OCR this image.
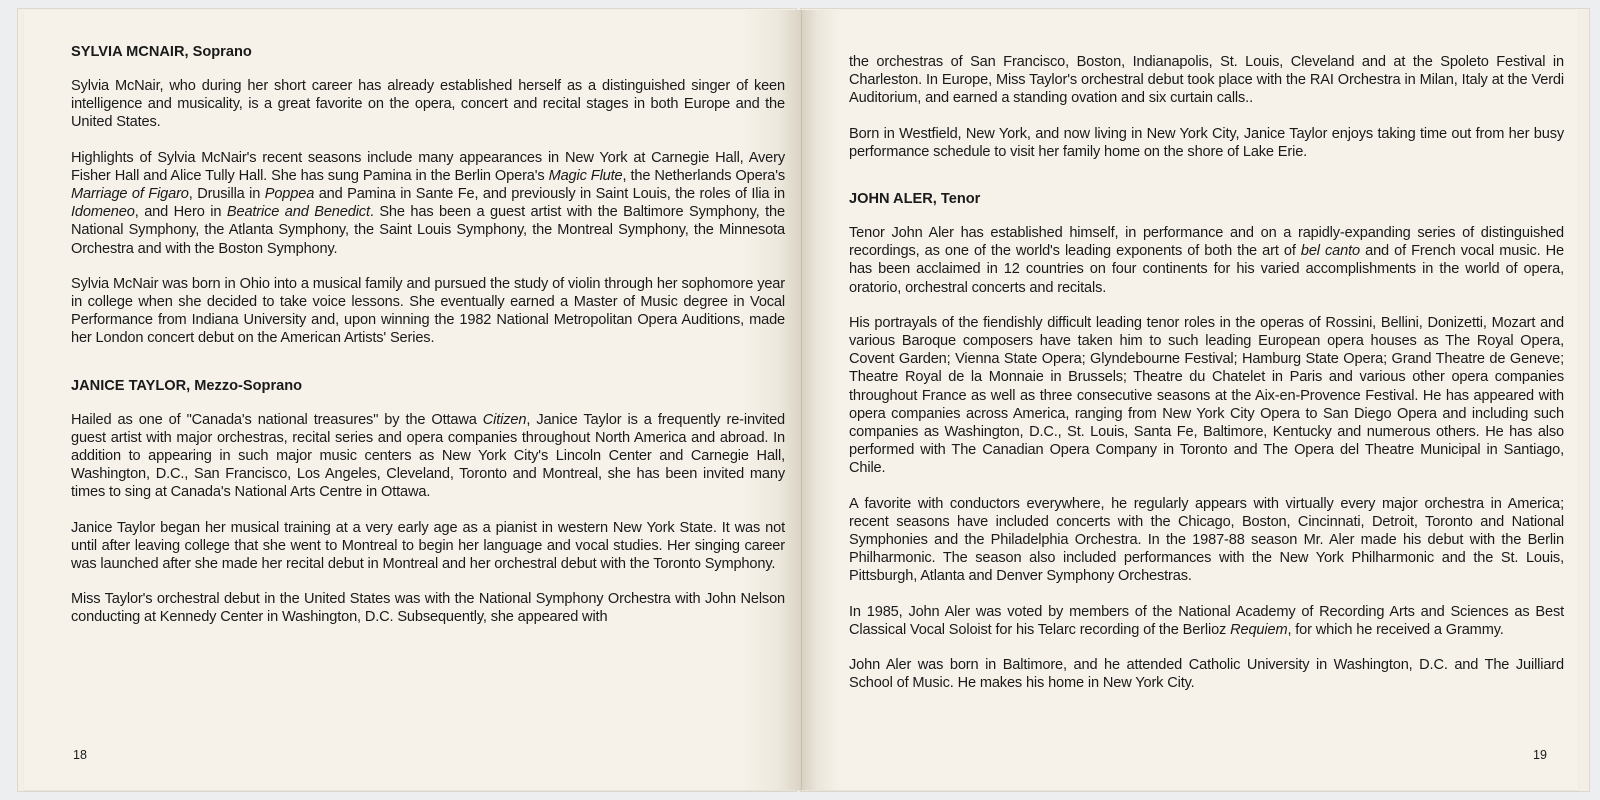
SYLVIA MCNAIR, Soprano

Sylvia McNair, who during her short career has already established herself as a distinguished singer of keen intelligence and musicality, is a great favorite on the opera, concert and recital stages in both Europe and the United States.

Highlights of Sylvia McNair's recent seasons include many appearances in New York at Carnegie Hall, Avery Fisher Hall and Alice Tully Hall. She has sung Pamina in the Berlin Opera's Magic Flute, the Netherlands Opera's Marriage of Figaro, Drusilla in Poppea and Pamina in Sante Fe, and previously in Saint Louis, the roles of Ilia in Idomeneo, and Hero in Beatrice and Benedict. She has been a guest artist with the Baltimore Symphony, the National Symphony, the Atlanta Symphony, the Saint Louis Symphony, the Montreal Symphony, the Minnesota Orchestra and with the Boston Symphony.

Sylvia McNair was born in Ohio into a musical family and pursued the study of violin through her sophomore year in college when she decided to take voice lessons. She eventually earned a Master of Music degree in Vocal Performance from Indiana University and, upon winning the 1982 National Metropolitan Opera Auditions, made her London concert debut on the American Artists' Series.

JANICE TAYLOR, Mezzo-Soprano

Hailed as one of "Canada's national treasures" by the Ottawa Citizen, Janice Taylor is a frequently re-invited guest artist with major orchestras, recital series and opera companies throughout North America and abroad. In addition to appearing in such major music centers as New York City's Lincoln Center and Carnegie Hall, Washington, D.C., San Francisco, Los Angeles, Cleveland, Toronto and Montreal, she has been invited many times to sing at Canada's National Arts Centre in Ottawa.

Janice Taylor began her musical training at a very early age as a pianist in western New York State. It was not until after leaving college that she went to Montreal to begin her language and vocal studies. Her singing career was launched after she made her recital debut in Montreal and her orchestral debut with the Toronto Symphony.

Miss Taylor's orchestral debut in the United States was with the National Symphony Orchestra with John Nelson conducting at Kennedy Center in Washington, D.C. Subsequently, she appeared with

18

the orchestras of San Francisco, Boston, Indianapolis, St. Louis, Cleveland and at the Spoleto Festival in Charleston. In Europe, Miss Taylor's orchestral debut took place with the RAI Orchestra in Milan, Italy at the Verdi Auditorium, and earned a standing ovation and six curtain calls..

Born in Westfield, New York, and now living in New York City, Janice Taylor enjoys taking time out from her busy performance schedule to visit her family home on the shore of Lake Erie.

JOHN ALER, Tenor

Tenor John Aler has established himself, in performance and on a rapidly-expanding series of distinguished recordings, as one of the world's leading exponents of both the art of bel canto and of French vocal music. He has been acclaimed in 12 countries on four continents for his varied accomplishments in the world of opera, oratorio, orchestral concerts and recitals.

His portrayals of the fiendishly difficult leading tenor roles in the operas of Rossini, Bellini, Donizetti, Mozart and various Baroque composers have taken him to such leading European opera houses as The Royal Opera, Covent Garden; Vienna State Opera; Glyndebourne Festival; Hamburg State Opera; Grand Theatre de Geneve; Theatre Royal de la Monnaie in Brussels; Theatre du Chatelet in Paris and various other opera companies throughout France as well as three consecutive seasons at the Aix-en-Provence Festival. He has appeared with opera companies across America, ranging from New York City Opera to San Diego Opera and including such companies as Washington, D.C., St. Louis, Santa Fe, Baltimore, Kentucky and numerous others. He has also performed with The Canadian Opera Company in Toronto and The Opera del Theatre Municipal in Santiago, Chile.

A favorite with conductors everywhere, he regularly appears with virtually every major orchestra in America; recent seasons have included concerts with the Chicago, Boston, Cincinnati, Detroit, Toronto and National Symphonies and the Philadelphia Orchestra. In the 1987-88 season Mr. Aler made his debut with the Berlin Philharmonic. The season also included performances with the New York Philharmonic and the St. Louis, Pittsburgh, Atlanta and Denver Symphony Orchestras.

In 1985, John Aler was voted by members of the National Academy of Recording Arts and Sciences as Best Classical Vocal Soloist for his Telarc recording of the Berlioz Requiem, for which he received a Grammy.

John Aler was born in Baltimore, and he attended Catholic University in Washington, D.C. and The Juilliard School of Music. He makes his home in New York City.

19
